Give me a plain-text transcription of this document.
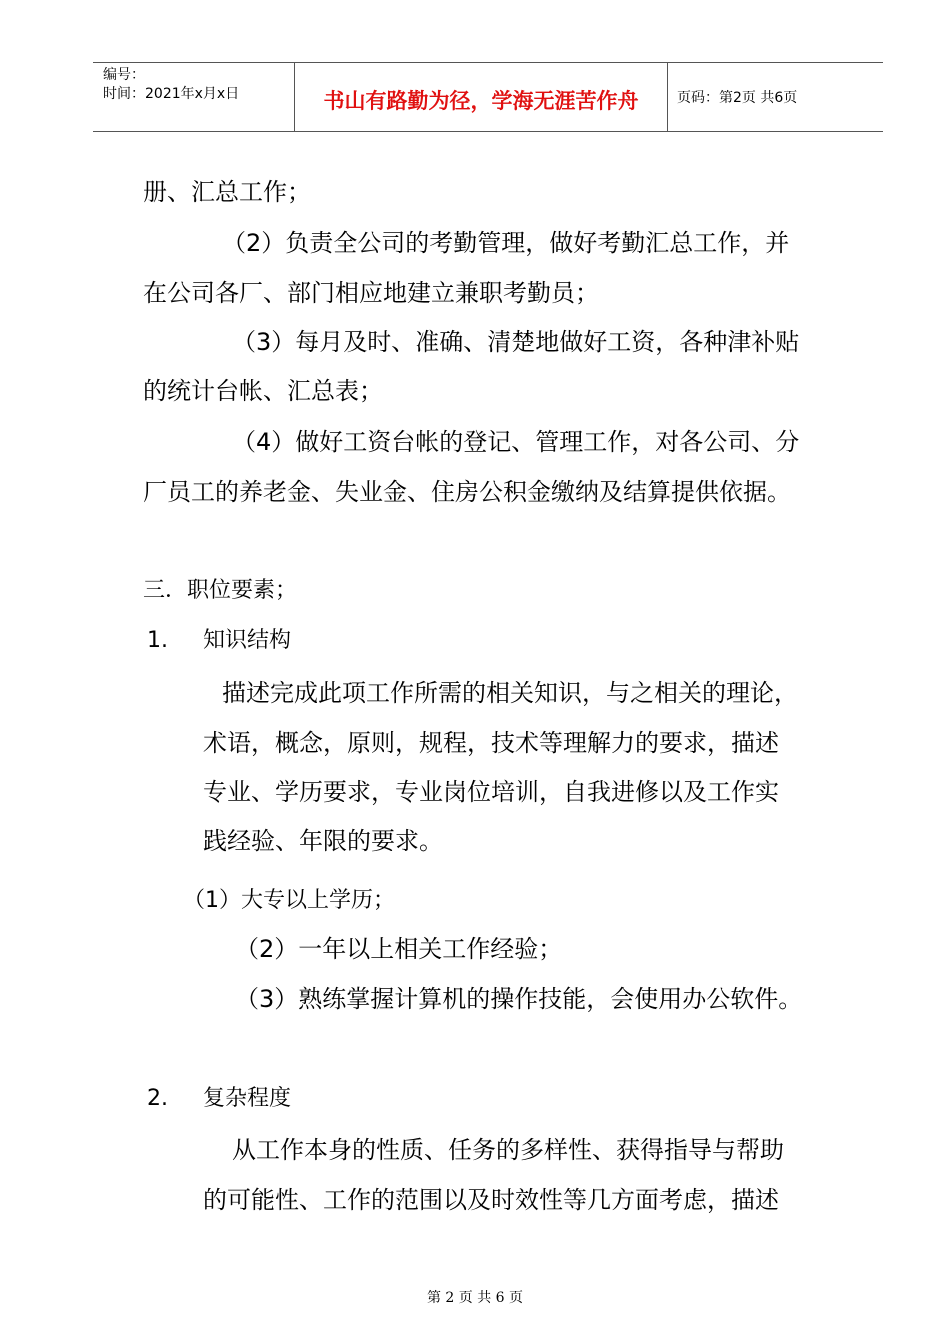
编号：
时间：2021年x月x日	书山有路勤为径，学海无涯苦作舟	页码：第2页 共6页
册、汇总工作；
（2）负责全公司的考勤管理，做好考勤汇总工作，并
在公司各厂、部门相应地建立兼职考勤员；
（3）每月及时、准确、清楚地做好工资，各种津补贴
的统计台帐、汇总表；
（4）做好工资台帐的登记、管理工作，对各公司、分
厂员工的养老金、失业金、住房公积金缴纳及结算提供依据。
三．职位要素；
1. 知识结构
描述完成此项工作所需的相关知识，与之相关的理论，
术语，概念，原则，规程，技术等理解力的要求，描述
专业、学历要求，专业岗位培训，自我进修以及工作实
践经验、年限的要求。
（1）大专以上学历；
（2）一年以上相关工作经验；
（3）熟练掌握计算机的操作技能，会使用办公软件。
2. 复杂程度
从工作本身的性质、任务的多样性、获得指导与帮助
的可能性、工作的范围以及时效性等几方面考虑，描述
第 2 页 共 6 页
